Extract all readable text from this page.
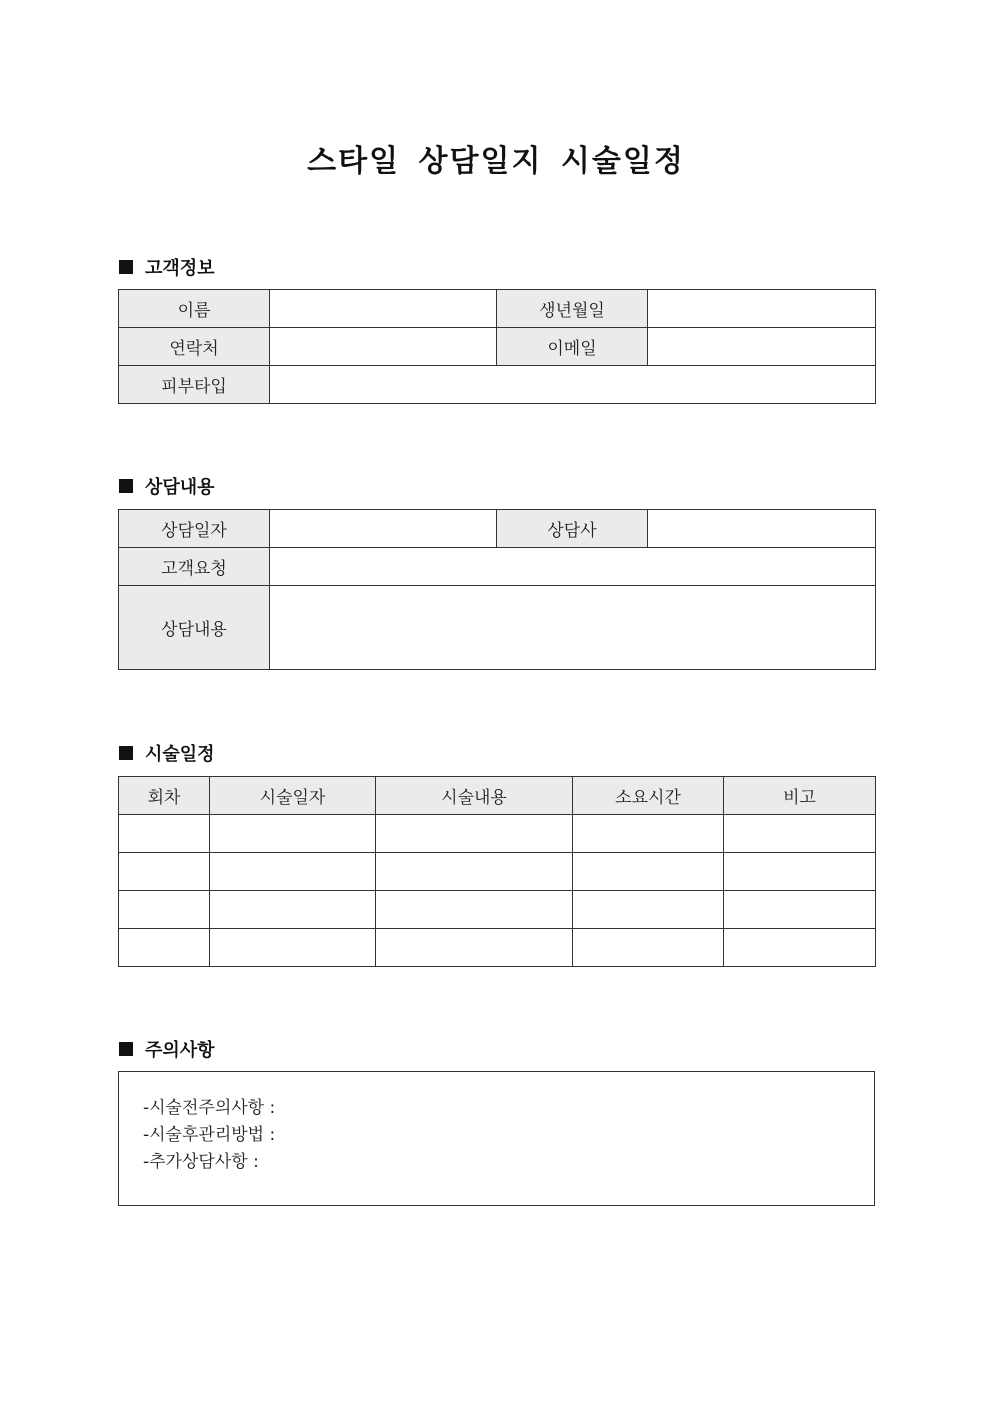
스타일 상담일지 시술일정
고객정보
이름		생년월일	
연락처		이메일	
피부타입			
상담내용
상담일자		상담사	
고객요청			
상담내용			
시술일정
회차	시술일자	시술내용	소요시간	비고

주의사항
-시술전주의사항 :
-시술후관리방법 :
-추가상담사항 :
